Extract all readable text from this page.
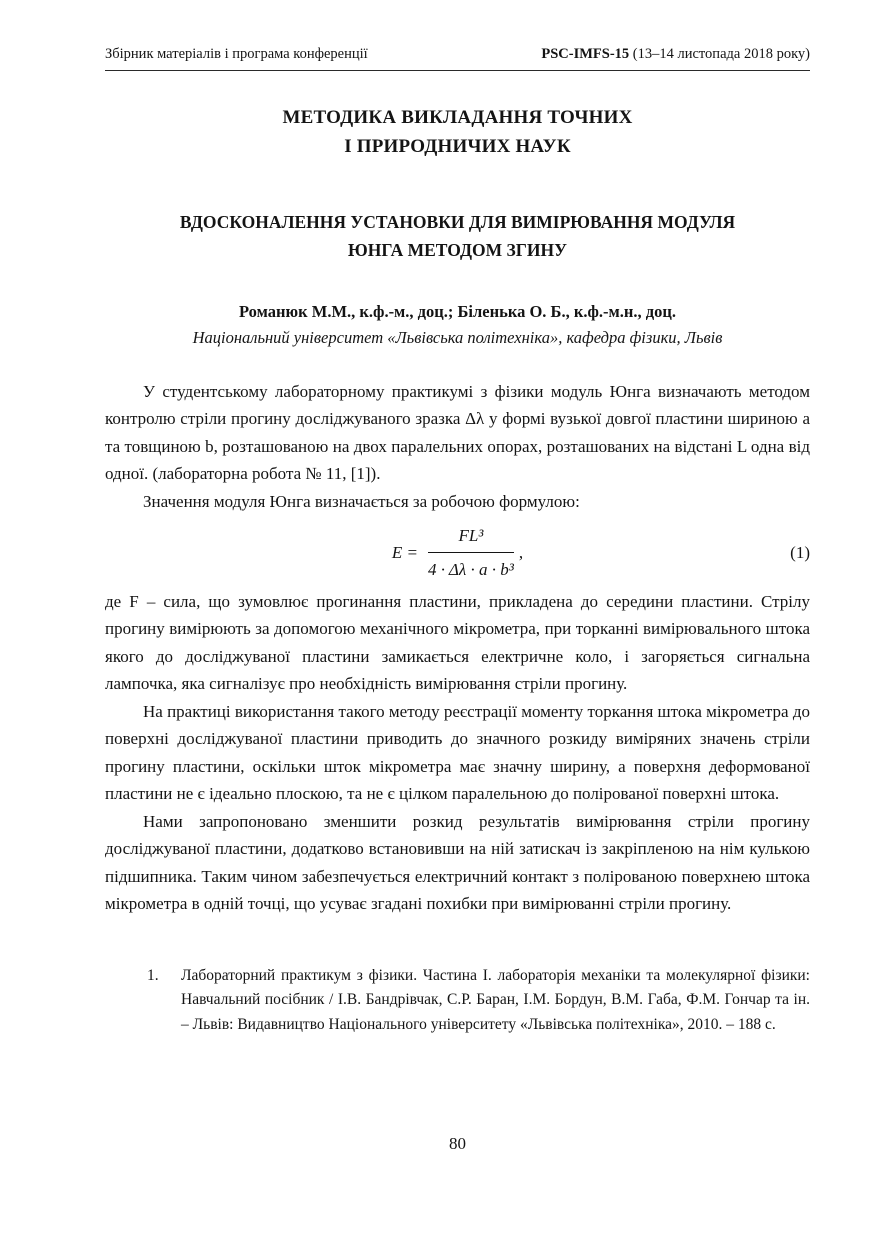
Збірник матеріалів і програма конференції	PSC-IMFS-15 (13–14 листопада 2018 року)
МЕТОДИКА ВИКЛАДАННЯ ТОЧНИХ
І ПРИРОДНИЧИХ НАУК
ВДОСКОНАЛЕННЯ УСТАНОВКИ ДЛЯ ВИМІРЮВАННЯ МОДУЛЯ
ЮНГА МЕТОДОМ ЗГИНУ
Романюк М.М., к.ф.-м., доц.; Біленька О. Б., к.ф.-м.н., доц.
Національний університет «Львівська політехніка», кафедра фізики, Львів

У студентському лабораторному практикумі з фізики модуль Юнга визначають методом контролю стріли прогину досліджуваного зразка Δλ у формі вузької довгої пластини шириною a та товщиною b, розташованою на двох паралельних опорах, розташованих на відстані L одна від одної. (лабораторна робота № 11, [1]).

Значення модуля Юнга визначається за робочою формулою:

$E = \frac{\text{FL³}}{\text{4 · Δλ · a · b³}}$ ,	(1)

де F – сила, що зумовлює прогинання пластини, прикладена до середини пластини. Стрілу прогину вимірюють за допомогою механічного мікрометра, при торканні вимірювального штока якого до досліджуваної пластини замикається електричне коло, і загоряється сигнальна лампочка, яка сигналізує про необхідність вимірювання стріли прогину.

На практиці використання такого методу реєстрації моменту торкання штока мікрометра до поверхні досліджуваної пластини приводить до значного розкиду виміряних значень стріли прогину пластини, оскільки шток мікрометра має значну ширину, а поверхня деформованої пластини не є ідеально плоскою, та не є цілком паралельною до полірованої поверхні штока.

Нами запропоновано зменшити розкид результатів вимірювання стріли прогину досліджуваної пластини, додатково встановивши на ній затискач із закріпленою на нім кулькою підшипника. Таким чином забезпечується електричний контакт з полірованою поверхнею штока мікрометра в одній точці, що усуває згадані похибки при вимірюванні стріли прогину.

1.	Лабораторний практикум з фізики. Частина I. лабораторія механіки та молекулярної фізики: Навчальний посібник / І.В. Бандрівчак, С.Р. Баран, І.М. Бордун, В.М. Габа, Ф.М. Гончар та ін. – Львів: Видавництво Національного університету «Львівська політехніка», 2010. – 188 с.
80
